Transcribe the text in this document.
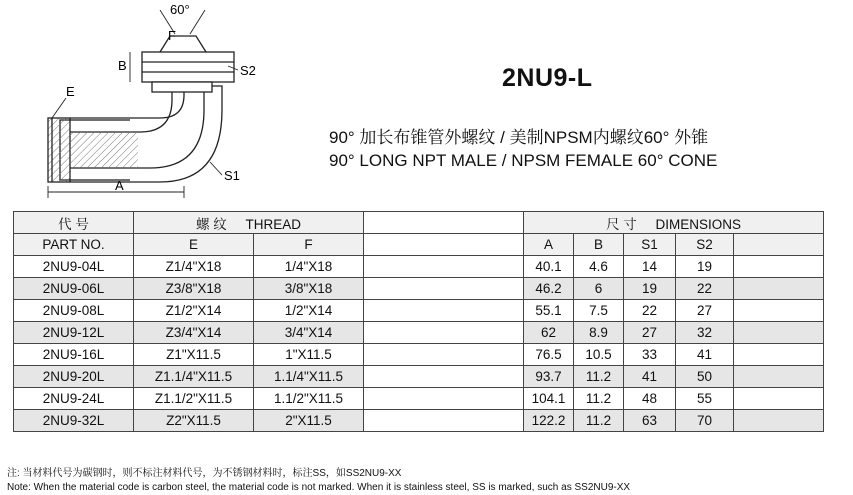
60°
F
B
E
S2
S1
A
2NU9-L
90° 加长布锥管外螺纹 / 美制NPSM内螺纹60° 外锥
90° LONG NPT MALE / NPSM FEMALE 60° CONE
代 号	螺 纹 THREAD			尺 寸 DIMENSIONS				
PART NO.	E	F		A	B	S1	S2	
2NU9-04L	Z1/4"X18	1/4"X18		40.1	4.6	14	19	
2NU9-06L	Z3/8"X18	3/8"X18		46.2	6	19	22	
2NU9-08L	Z1/2"X14	1/2"X14		55.1	7.5	22	27	
2NU9-12L	Z3/4"X14	3/4"X14		62	8.9	27	32	
2NU9-16L	Z1"X11.5	1"X11.5		76.5	10.5	33	41	
2NU9-20L	Z1.1/4"X11.5	1.1/4"X11.5		93.7	11.2	41	50	
2NU9-24L	Z1.1/2"X11.5	1.1/2"X11.5		104.1	11.2	48	55	
2NU9-32L	Z2"X11.5	2"X11.5		122.2	11.2	63	70	
注: 当材料代号为碳钢时，则不标注材料代号，为不锈钢材料时，标注SS，如SS2NU9-XX
Note: When the material code is carbon steel, the material code is not marked. When it is stainless steel, SS is marked, such as SS2NU9-XX
